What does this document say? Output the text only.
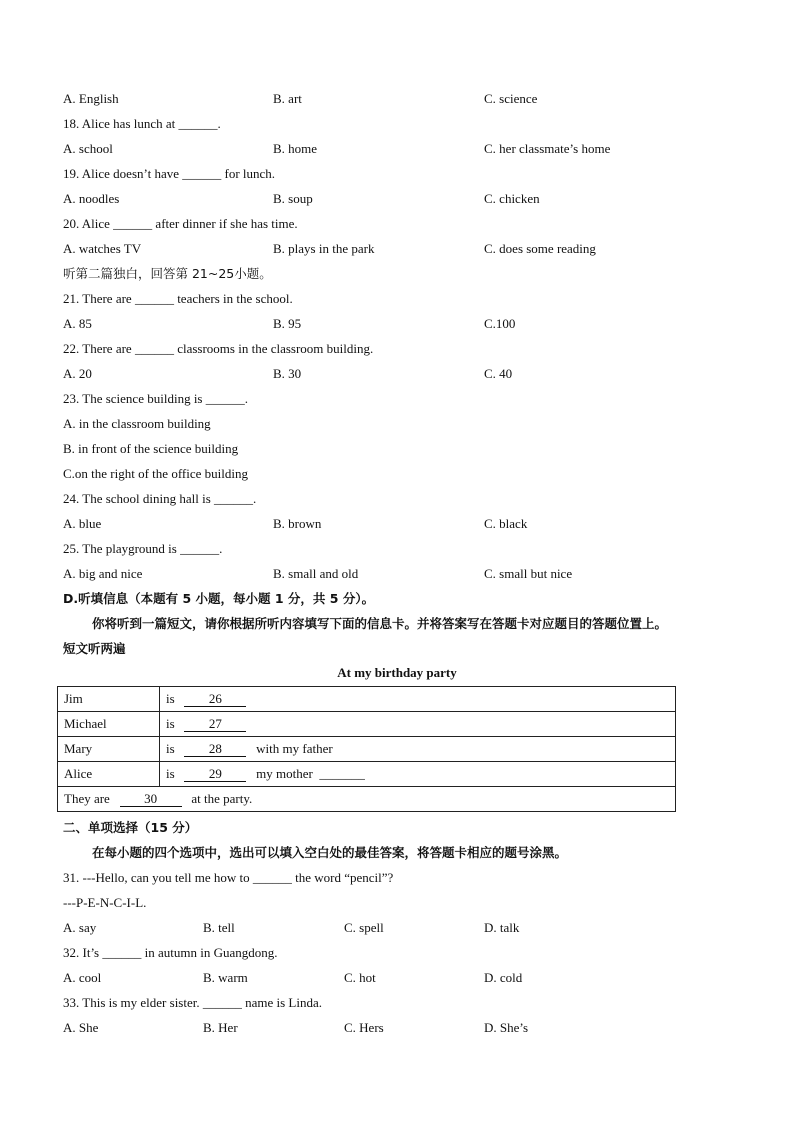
A. English	B. art	C. science
18. Alice has lunch at ______.
A. school	B. home	C. her classmate’s home
19. Alice doesn’t have ______ for lunch.
A. noodles	B. soup	C. chicken
20. Alice ______ after dinner if she has time.
A. watches TV	B. plays in the park	C. does some reading
听第二篇独白，回答第 21~25小题。
21. There are ______ teachers in the school.
A. 85	B. 95	C.100
22. There are ______ classrooms in the classroom building.
A. 20	B. 30	C. 40
23. The science building is ______.
A. in the classroom building
B. in front of the science building
C.on the right of the office building
24. The school dining hall is ______.
A. blue	B. brown	C. black
25. The playground is ______.
A. big and nice	B. small and old	C. small but nice
D.听填信息（本题有 5 小题，每小题 1 分，共 5 分）。
你将听到一篇短文，请你根据所听内容填写下面的信息卡。并将答案写在答题卡对应题目的答题位置上。
短文听两遍
At my birthday party
Jim	is 26
Michael	is 27
Mary	is 28 with my father
Alice	is 29 my mother _______
They are 30 at the party.	
二、单项选择（15 分）
在每小题的四个选项中，选出可以填入空白处的最佳答案，将答题卡相应的题号涂黑。
31. ---Hello, can you tell me how to ______ the word “pencil”?
---P-E-N-C-I-L.
A. say	B. tell	C. spell	D. talk
32. It’s ______ in autumn in Guangdong.
A. cool	B. warm	C. hot	D. cold
33. This is my elder sister. ______ name is Linda.
A. She	B. Her	C. Hers	D. She’s
